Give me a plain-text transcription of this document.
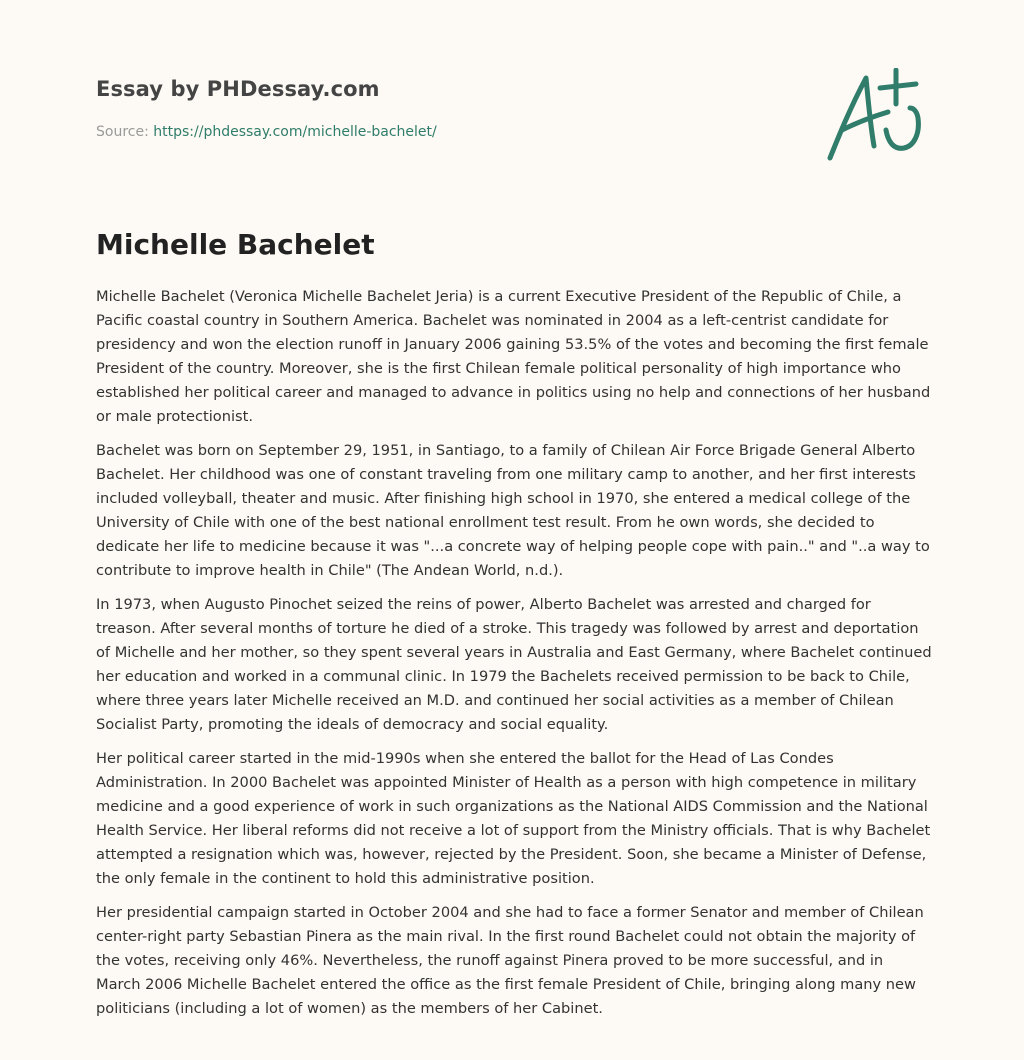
Essay by PHDessay.com
Source: https://phdessay.com/michelle-bachelet/
Michelle Bachelet

Michelle Bachelet (Veronica Michelle Bachelet Jeria) is a current Executive President of the Republic of Chile, a Pacific coastal country in Southern America. Bachelet was nominated in 2004 as a left-centrist candidate for presidency and won the election runoff in January 2006 gaining 53.5% of the votes and becoming the first female President of the country. Moreover, she is the first Chilean female political personality of high importance who established her political career and managed to advance in politics using no help and connections of her husband or male protectionist.

Bachelet was born on September 29, 1951, in Santiago, to a family of Chilean Air Force Brigade General Alberto Bachelet. Her childhood was one of constant traveling from one military camp to another, and her first interests included volleyball, theater and music. After finishing high school in 1970, she entered a medical college of the University of Chile with one of the best national enrollment test result. From he own words, she decided to dedicate her life to medicine because it was "...a concrete way of helping people cope with pain.." and "..a way to contribute to improve health in Chile" (The Andean World, n.d.).

In 1973, when Augusto Pinochet seized the reins of power, Alberto Bachelet was arrested and charged for treason. After several months of torture he died of a stroke. This tragedy was followed by arrest and deportation of Michelle and her mother, so they spent several years in Australia and East Germany, where Bachelet continued her education and worked in a communal clinic. In 1979 the Bachelets received permission to be back to Chile, where three years later Michelle received an M.D. and continued her social activities as a member of Chilean Socialist Party, promoting the ideals of democracy and social equality.

Her political career started in the mid-1990s when she entered the ballot for the Head of Las Condes Administration. In 2000 Bachelet was appointed Minister of Health as a person with high competence in military medicine and a good experience of work in such organizations as the National AIDS Commission and the National Health Service. Her liberal reforms did not receive a lot of support from the Ministry officials. That is why Bachelet attempted a resignation which was, however, rejected by the President. Soon, she became a Minister of Defense, the only female in the continent to hold this administrative position.

Her presidential campaign started in October 2004 and she had to face a former Senator and member of Chilean center-right party Sebastian Pinera as the main rival. In the first round Bachelet could not obtain the majority of the votes, receiving only 46%. Nevertheless, the runoff against Pinera proved to be more successful, and in March 2006 Michelle Bachelet entered the office as the first female President of Chile, bringing along many new politicians (including a lot of women) as the members of her Cabinet.
